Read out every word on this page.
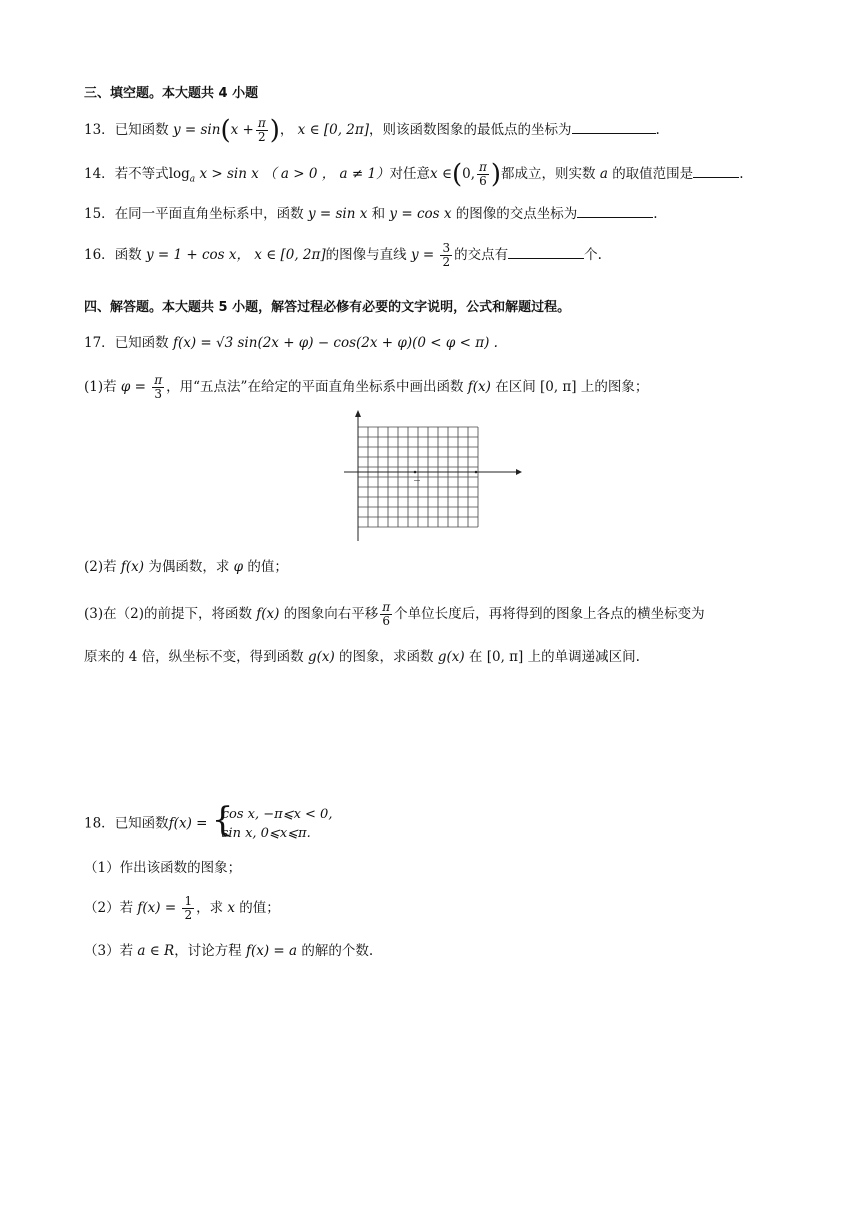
三、填空题。本大题共 4 小题
13．已知函数 $y = \sin(x + \frac{\pi}{2}$ )， x ∈ [0, 2π]，则该函数图象的最低点的坐标为	.
14．若不等式$\log_a x > \sin x$ （ a > 0 ， a ≠ 1）对任意x ∈(0, $\frac{\pi}{6}$ )都成立，则实数 a 的取值范围是	.
15．在同一平面直角坐标系中，函数 y = sin x 和 y = cos x 的图像的交点坐标为	.
16．函数 y = 1 + cos x， x ∈ [0, 2π]的图像与直线 $y = \frac{3}{2}$ 的交点有	个.
四、解答题。本大题共 5 小题，解答过程必修有必要的文字说明，公式和解题过程。
17．已知函数 f(x) = √3 sin(2x + φ) − cos(2x + φ)(0 < φ < π) .
(1)若 $\varphi = \frac{\pi}{3}$ ，用“五点法”在给定的平面直角坐标系中画出函数 f(x) 在区间 [0, π] 上的图象；
(2)若 f(x) 为偶函数，求 φ 的值；
(3)在（2)的前提下，将函数 f(x) 的图象向右平移 $\frac{\pi}{6}$ 个单位长度后，再将得到的图象上各点的横坐标变为
原来的 4 倍，纵坐标不变，得到函数 g(x) 的图象，求函数 g(x) 在 [0, π] 上的单调递减区间.
18．已知函数f(x) = {
cos x, −π⩽x < 0,
sin x, 0⩽x⩽π.
（1）作出该函数的图象；
（2）若 $f(x) = \frac{1}{2}$ ，求 x 的值；
（3）若 a ∈ R，讨论方程 f(x) = a 的解的个数.
